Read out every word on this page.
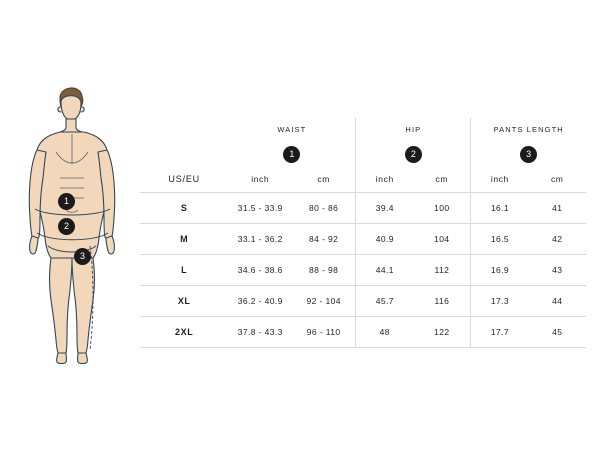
1
2
3
	WAIST		HIP		PANTS LENGTH	
	1		2		3	
US/EU	inch	cm	inch	cm	inch	cm
S	31.5 - 33.9	80 - 86	39.4	100	16.1	41
M	33.1 - 36.2	84 - 92	40.9	104	16.5	42
L	34.6 - 38.6	88 - 98	44.1	112	16.9	43
XL	36.2 - 40.9	92 - 104	45.7	116	17.3	44
2XL	37.8 - 43.3	96 - 110	48	122	17.7	45
